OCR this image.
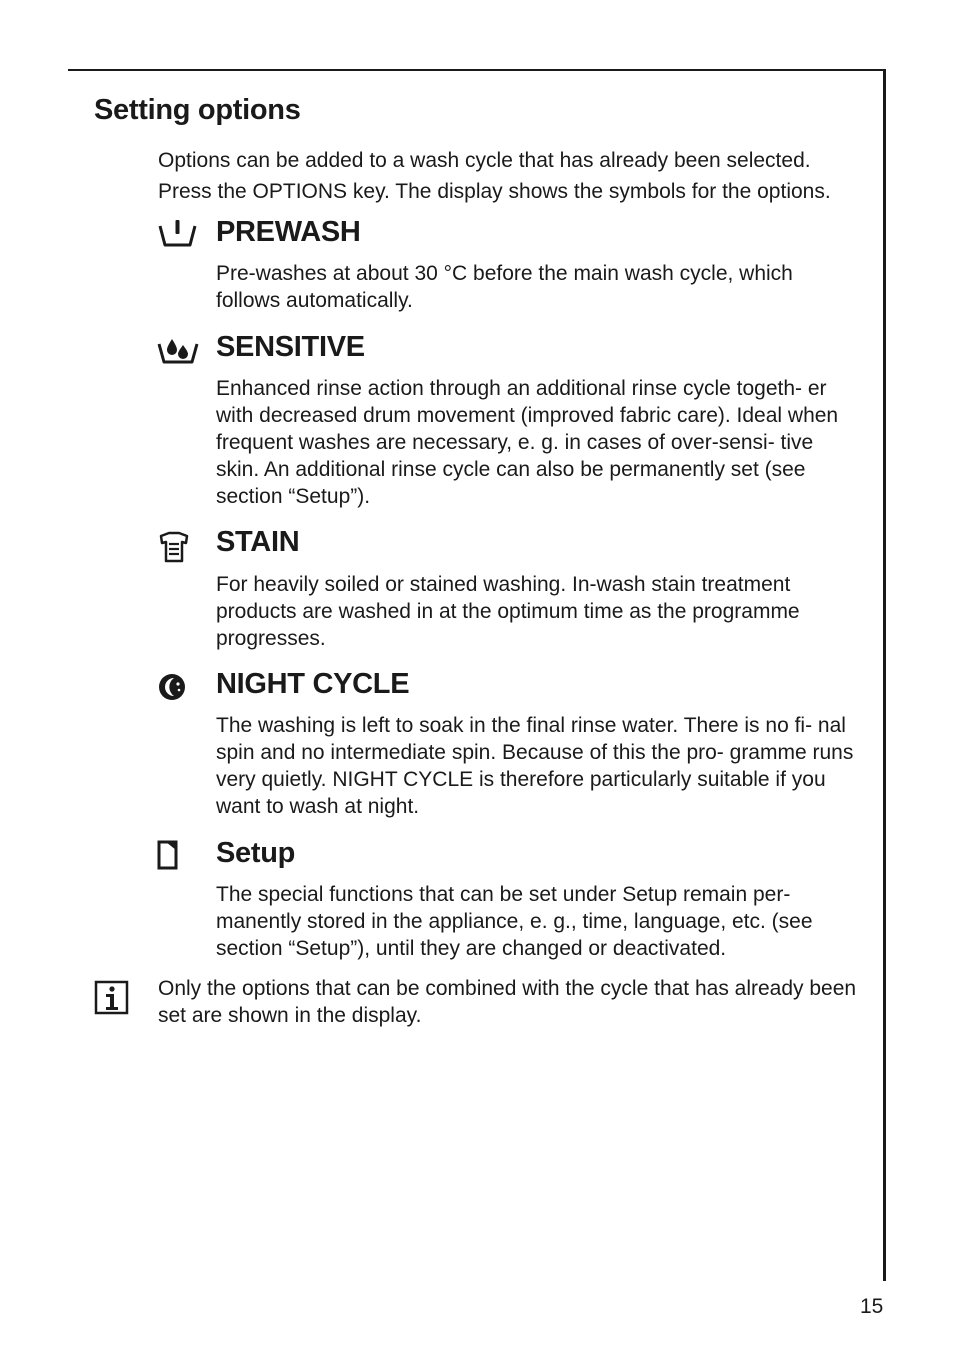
Setting options

Options can be added to a wash cycle that has already been selected.

Press the OPTIONS key. The display shows the symbols for the options.

PREWASH

Pre-washes at about 30 °C before the main wash cycle, which follows automatically.

SENSITIVE

Enhanced rinse action through an additional rinse cycle togeth- er with decreased drum movement (improved fabric care). Ideal when frequent washes are necessary, e. g. in cases of over-sensi- tive skin. An additional rinse cycle can also be permanently set (see section “Setup”).

STAIN

For heavily soiled or stained washing. In-wash stain treatment products are washed in at the optimum time as the programme progresses.

NIGHT CYCLE

The washing is left to soak in the final rinse water. There is no fi- nal spin and no intermediate spin. Because of this the pro- gramme runs very quietly. NIGHT CYCLE is therefore particularly suitable if you want to wash at night.

Setup

The special functions that can be set under Setup remain per- manently stored in the appliance, e. g., time, language, etc. (see section “Setup”), until they are changed or deactivated.

Only the options that can be combined with the cycle that has already been set are shown in the display.

15
